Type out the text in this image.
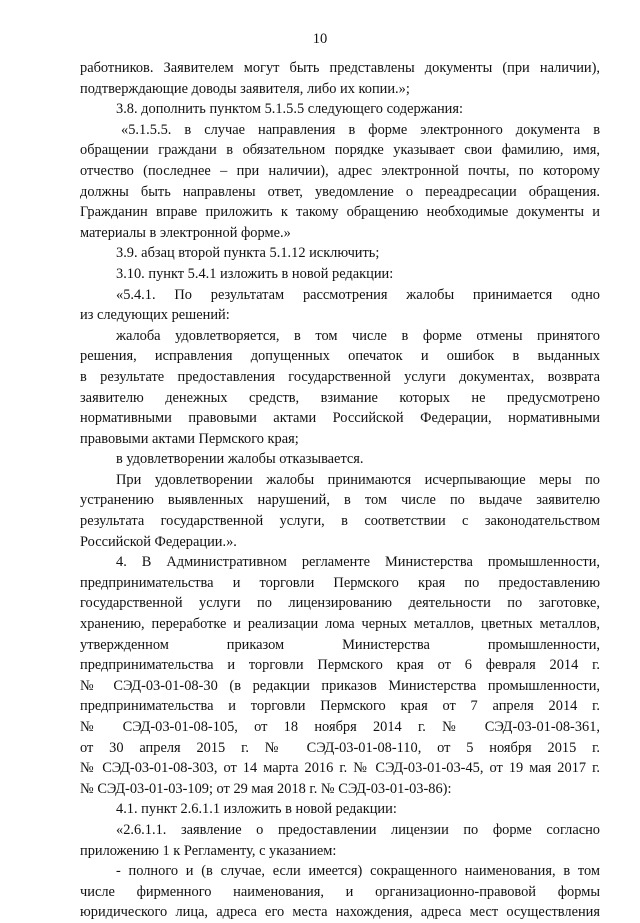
10
работников. Заявителем могут быть представлены документы (при наличии),
подтверждающие доводы заявителя, либо их копии.»;
3.8. дополнить пунктом 5.1.5.5 следующего содержания:
«5.1.5.5. в случае направления в форме электронного документа в
обращении граждани в обязательном порядке указывает свои фамилию, имя,
отчество (последнее – при наличии), адрес электронной почты, по которому
должны быть направлены ответ, уведомление о переадресации обращения.
Гражданин вправе приложить к такому обращению необходимые документы и
материалы в электронной форме.»
3.9. абзац второй пункта 5.1.12 исключить;
3.10. пункт 5.4.1 изложить в новой редакции:
«5.4.1. По результатам рассмотрения жалобы принимается одно
из следующих решений:
жалоба удовлетворяется, в том числе в форме отмены принятого
решения, исправления допущенных опечаток и ошибок в выданных
в результате предоставления государственной услуги документах, возврата
заявителю денежных средств, взимание которых не предусмотрено
нормативными правовыми актами Российской Федерации, нормативными
правовыми актами Пермского края;
в удовлетворении жалобы отказывается.
При удовлетворении жалобы принимаются исчерпывающие меры по
устранению выявленных нарушений, в том числе по выдаче заявителю
результата государственной услуги, в соответствии с законодательством
Российской Федерации.».
4. В Административном регламенте Министерства промышленности,
предпринимательства и торговли Пермского края по предоставлению
государственной услуги по лицензированию деятельности по заготовке,
хранению, переработке и реализации лома черных металлов, цветных металлов,
утвержденном приказом Министерства промышленности,
предпринимательства и торговли Пермского края от 6 февраля 2014 г.
№ СЭД-03-01-08-30 (в редакции приказов Министерства промышленности,
предпринимательства и торговли Пермского края от 7 апреля 2014 г.
№ СЭД-03-01-08-105, от 18 ноября 2014 г. № СЭД-03-01-08-361,
от 30 апреля 2015 г. № СЭД-03-01-08-110, от 5 ноября 2015 г.
№ СЭД-03-01-08-303, от 14 марта 2016 г. № СЭД-03-01-03-45, от 19 мая 2017 г.
№ СЭД-03-01-03-109; от 29 мая 2018 г. № СЭД-03-01-03-86):
4.1. пункт 2.6.1.1 изложить в новой редакции:
«2.6.1.1. заявление о предоставлении лицензии по форме согласно
приложению 1 к Регламенту, с указанием:
- полного и (в случае, если имеется) сокращенного наименования, в том
числе фирменного наименования, и организационно-правовой формы
юридического лица, адреса его места нахождения, адреса мест осуществления
